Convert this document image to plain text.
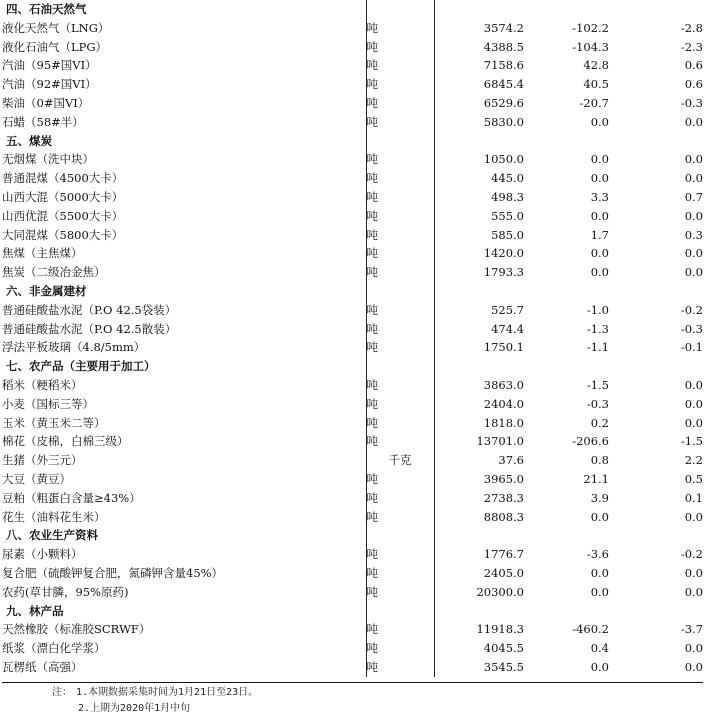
四、石油天然气				
液化天然气（LNG）	吨	3574.2	-102.2	-2.8
液化石油气（LPG）	吨	4388.5	-104.3	-2.3
汽油（95#国VI）	吨	7158.6	42.8	0.6
汽油（92#国VI）	吨	6845.4	40.5	0.6
柴油（0#国VI）	吨	6529.6	-20.7	-0.3
石蜡（58#半）	吨	5830.0	0.0	0.0
五、煤炭				
无烟煤（洗中块）	吨	1050.0	0.0	0.0
普通混煤（4500大卡）	吨	445.0	0.0	0.0
山西大混（5000大卡）	吨	498.3	3.3	0.7
山西优混（5500大卡）	吨	555.0	0.0	0.0
大同混煤（5800大卡）	吨	585.0	1.7	0.3
焦煤（主焦煤）	吨	1420.0	0.0	0.0
焦炭（二级冶金焦）	吨	1793.3	0.0	0.0
六、非金属建材				
普通硅酸盐水泥（P.O 42.5袋装）	吨	525.7	-1.0	-0.2
普通硅酸盐水泥（P.O 42.5散装）	吨	474.4	-1.3	-0.3
浮法平板玻璃（4.8/5mm）	吨	1750.1	-1.1	-0.1
七、农产品（主要用于加工）				
稻米（粳稻米）	吨	3863.0	-1.5	0.0
小麦（国标三等）	吨	2404.0	-0.3	0.0
玉米（黄玉米二等）	吨	1818.0	0.2	0.0
棉花（皮棉，白棉三级）	吨	13701.0	-206.6	-1.5
生猪（外三元）	千克	37.6	0.8	2.2
大豆（黄豆）	吨	3965.0	21.1	0.5
豆粕（粗蛋白含量≥43%）	吨	2738.3	3.9	0.1
花生（油料花生米）	吨	8808.3	0.0	0.0
八、农业生产资料				
尿素（小颗料）	吨	1776.7	-3.6	-0.2
复合肥（硫酸钾复合肥，氮磷钾含量45%）	吨	2405.0	0.0	0.0
农药(草甘膦，95%原药)	吨	20300.0	0.0	0.0
九、林产品				
天然橡胶（标准胶SCRWF）	吨	11918.3	-460.2	-3.7
纸浆（漂白化学浆）	吨	4045.5	0.4	0.0
瓦楞纸（高强）	吨	3545.5	0.0	0.0
注： 1.本期数据采集时间为1月21日至23日。
2.上期为2020年1月中旬
